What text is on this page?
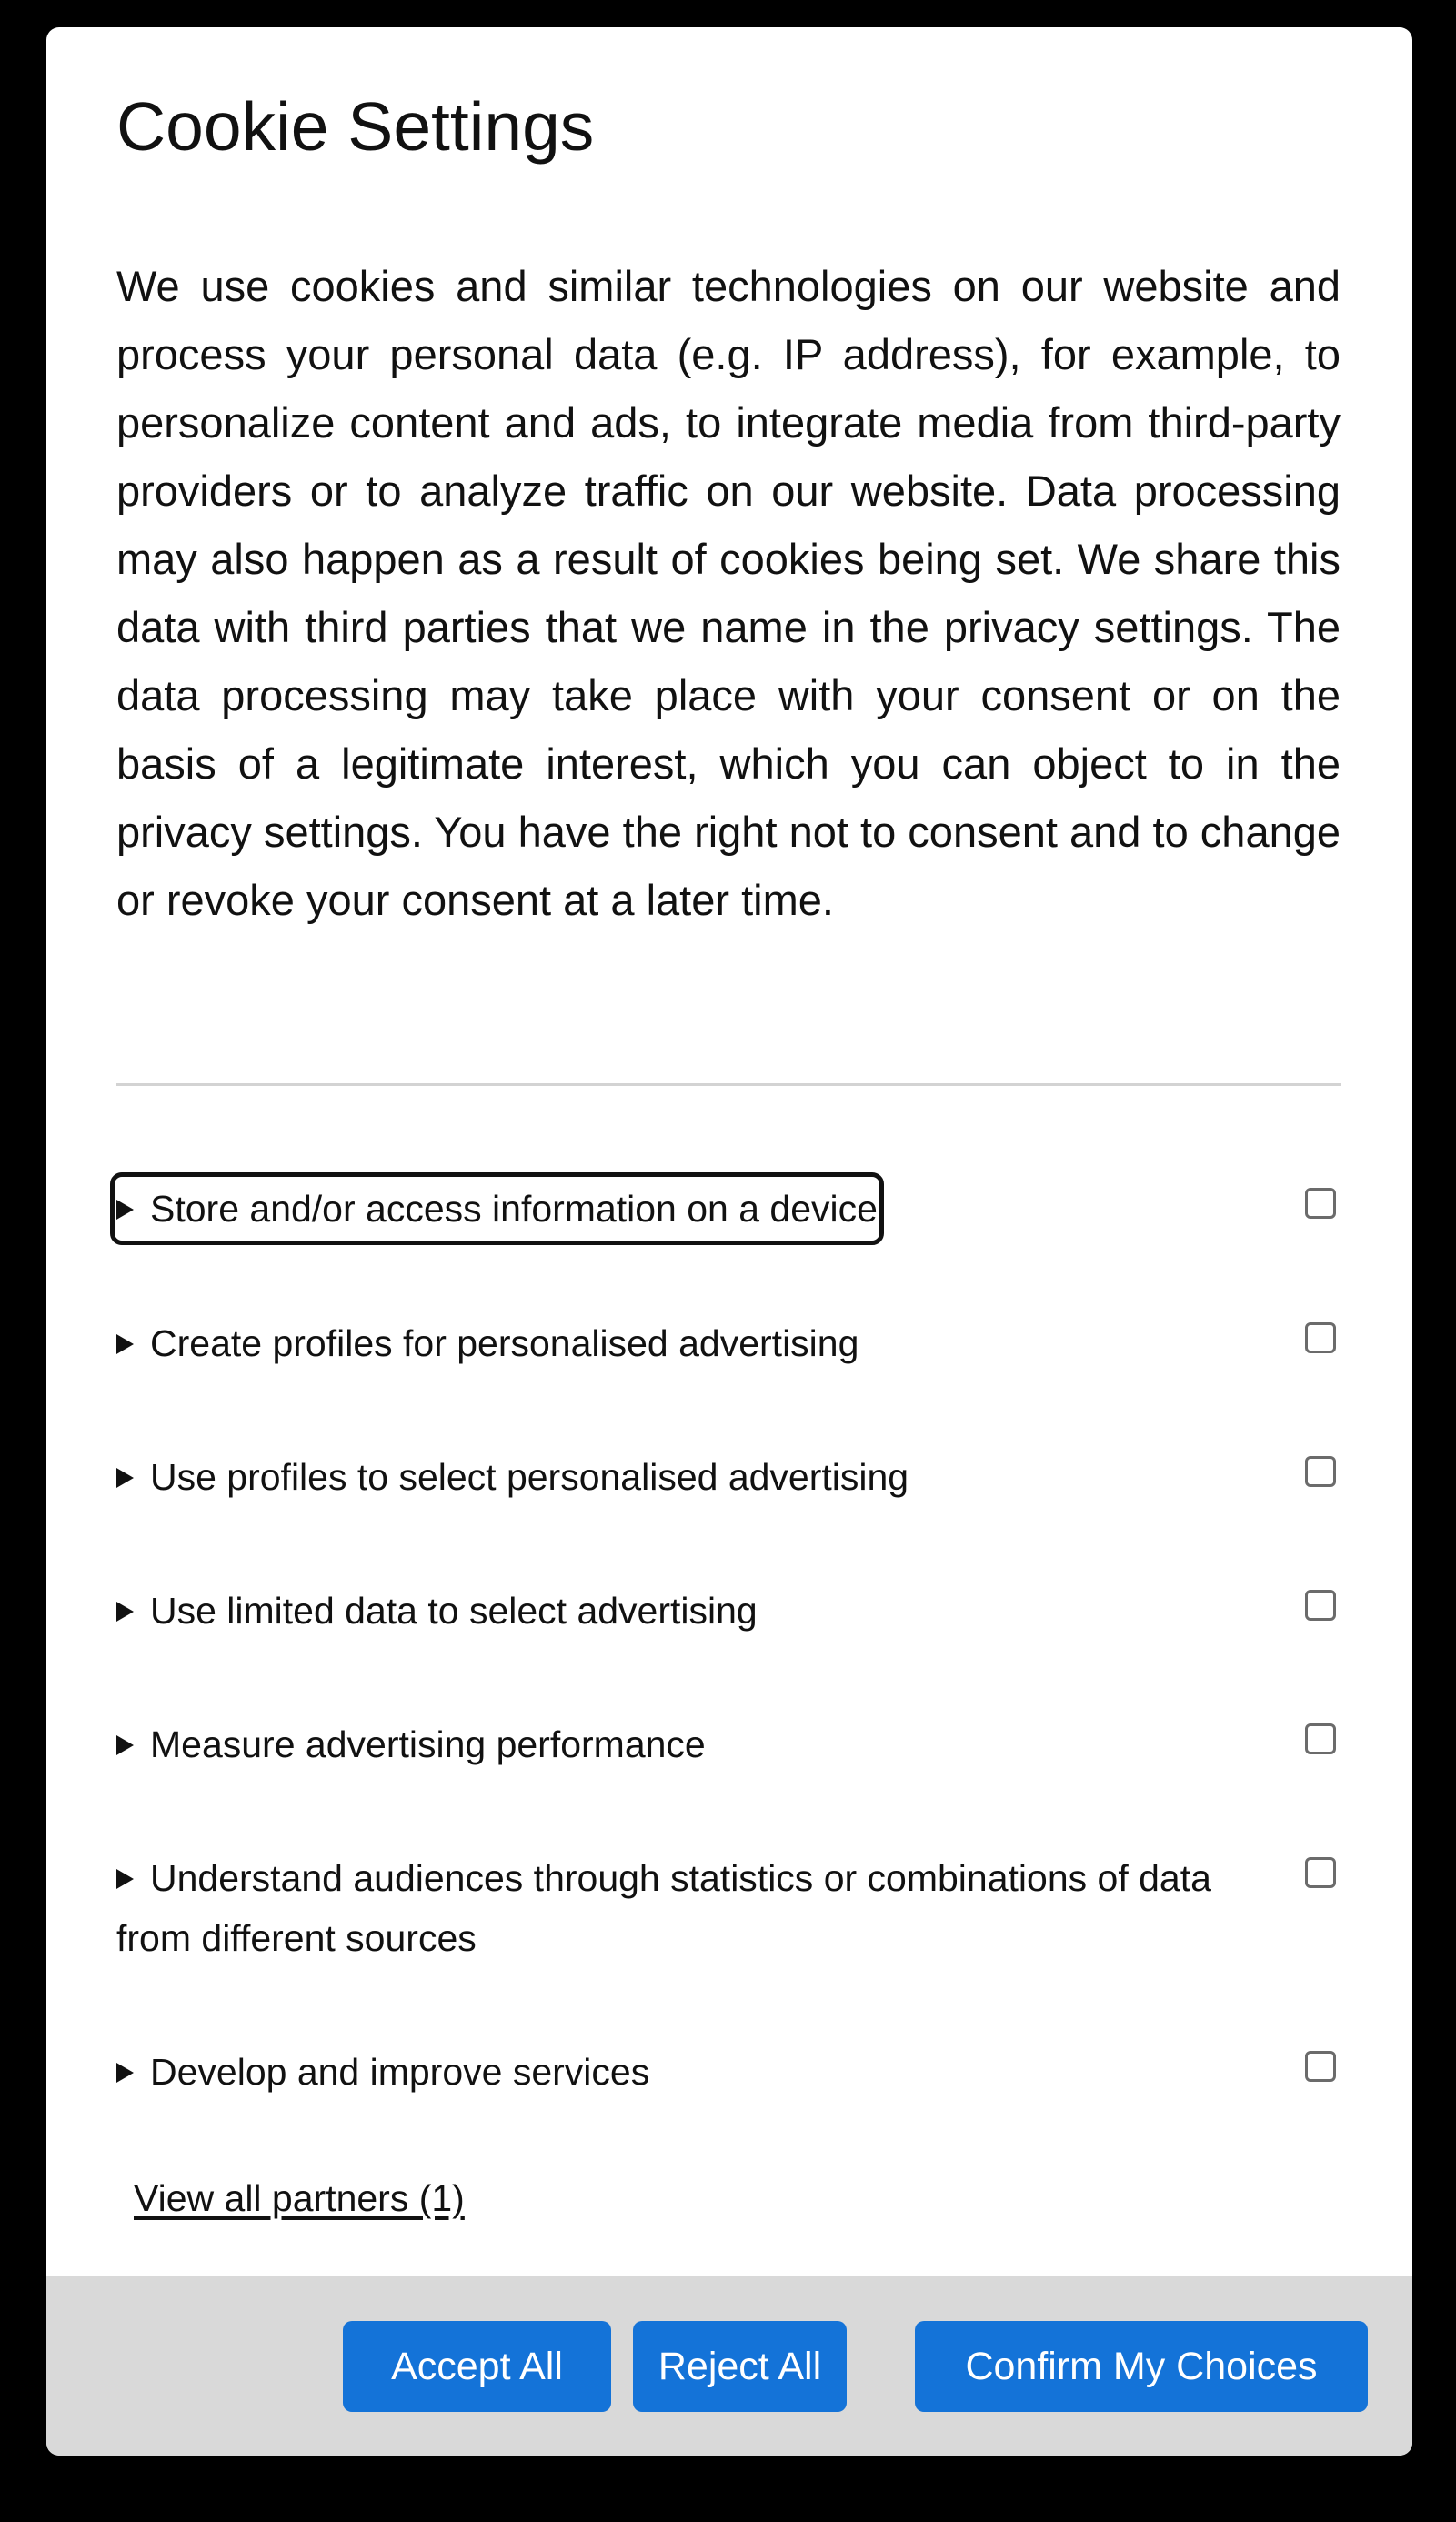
Cookie Settings

We use cookies and similar technologies on our website and process your personal data (e.g. IP address), for example, to personalize content and ads, to integrate media from third-party providers or to analyze traffic on our website. Data processing may also happen as a result of cookies being set. We share this data with third parties that we name in the privacy settings. The data processing may take place with your consent or on the basis of a legitimate interest, which you can object to in the privacy settings. You have the right not to consent and to change or revoke your consent at a later time.

Store and/or access information on a device
Create profiles for personalised advertising
Use profiles to select personalised advertising
Use limited data to select advertising
Measure advertising performance
Understand audiences through statistics or combinations of data from different sources
Develop and improve services
View all partners (1)
Accept All	Reject All	Confirm My Choices
